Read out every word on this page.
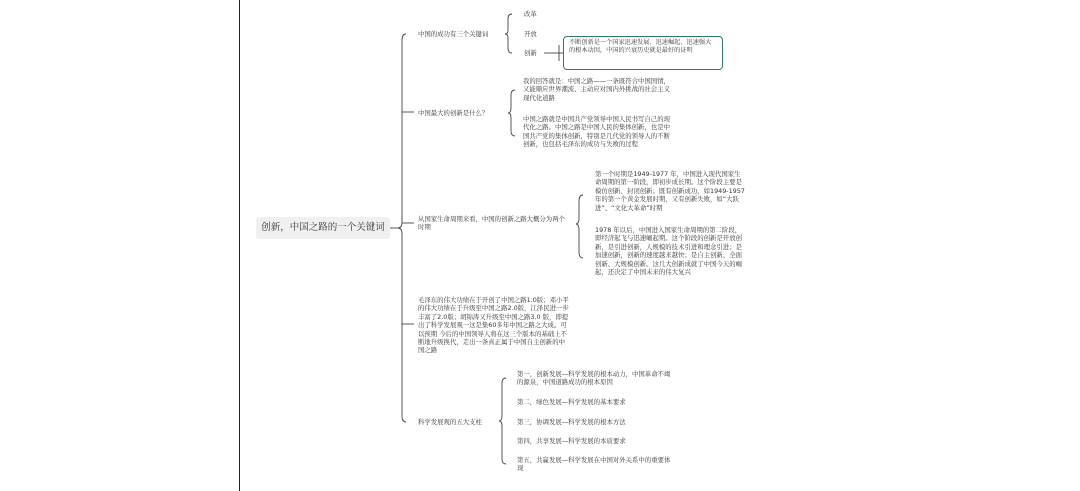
创新，中国之路的一个关键词
中国的成功有三个关键词
改革
开放
创新
不断创新是一个国家迅速发展、迅速崛起、迅速强大的根本动因，中国的兴衰历史就是最好的证明
中国最大的创新是什么？
我的回答就是：中国之路——一条既符合中国国情，又能顺应世界潮流、主动应对国内外挑战的社会主义现代化道路
中国之路就是中国共产党领导中国人民书写自己的现代化之路。中国之路是中国人民的集体创新，也是中国共产党的集体创新，特别是几代党的领导人的不断创新，也包括毛泽东的成功与失败的过程
从国家生命周期来看，中国的创新之路大概分为两个时期
第一个时期是1949-1977 年，中国进入现代国家生命周期的第一阶段，即初步成长期。这个阶段主要是模仿创新、封闭创新；既有创新成功，如1949-1957年的第一个黄金发展时期，又有创新失败，如“大跃进”、“文化大革命”时期
1978 年以后，中国进入国家生命周期的第二阶段，即经济起飞与迅速崛起期。这个阶段的创新是开放创新，是引进创新，人规模的技术引进和理念引进；是加速创新，创新的速度越来越快；是自主创新、全面创新、大规模创新。这几大创新成就了中国今天的崛起，还决定了中国未来的伟大复兴
毛泽东的伟大功绩在于开创了中国之路1.0版；邓小平的伟大功绩在于升级至中国之路2.0版，江泽民进一步丰富了2.0版；胡锦涛又升级至中国之路3.0 版，即提出了科学发展观一这是集60多年中国之路之大成。可以预期 今后的中国领导人将在这三个版本的基础上不断地升级换代，走出一条真正属于中国自主创新的中国之路
科学发展观的五大支柱
第一，创新发展—科学发展的根本动力，中国革命不竭的源泉，中国道路成功的根本原因
第二，绿色发展—科学发展的基本要求
第三，协调发展—科学发展的根本方法
第四，共享发展—科学发展的本质要求
第五，共赢发展—科学发展在中国对外关系中的重要体现
